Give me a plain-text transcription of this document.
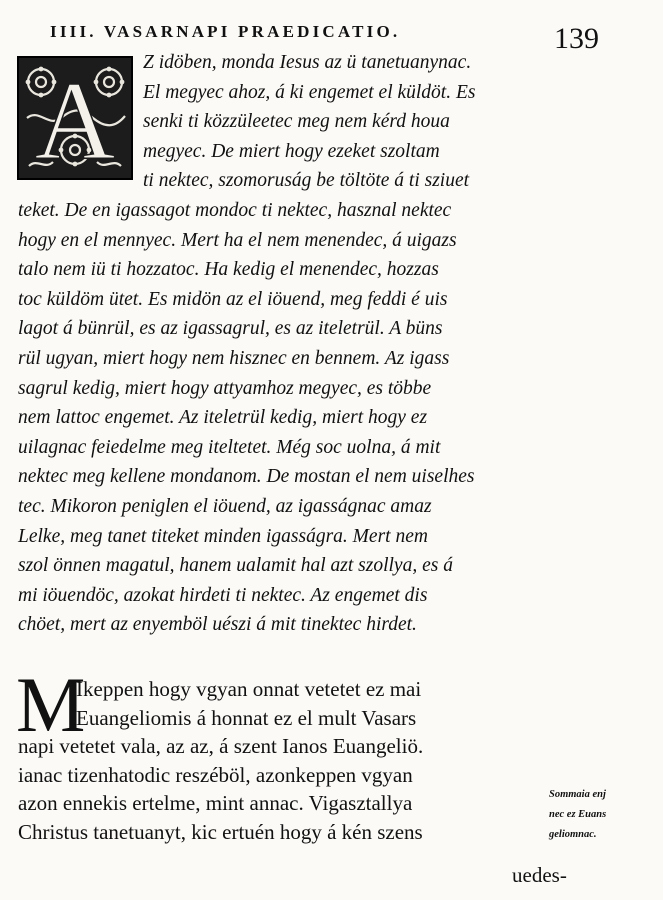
IIII. VASARNAPI PRAEDICATIO.	139
A Z idöben, monda Iesus az ü tanetuanynac.
El megyec ahoz, á ki engemet el küldöt. Es
senki ti közzüleetec meg nem kérd houa
megyec. De miert hogy ezeket szoltam
ti nektec, szomoruság be töltöte á ti sziuet
teket. De en igassagot mondoc ti nektec, hasznal nektec
hogy en el mennyec. Mert ha el nem menendec, á uigazs
talo nem iü ti hozzatoc. Ha kedig el menendec, hozzas
toc küldöm ütet. Es midön az el iöuend, meg feddi é uis
lagot á bünrül, es az igassagrul, es az iteletrül. A büns
rül ugyan, miert hogy nem hisznec en bennem. Az igass
sagrul kedig, miert hogy attyamhoz megyec, es többe
nem lattoc engemet. Az iteletrül kedig, miert hogy ez
uilagnac feiedelme meg iteltetet. Még soc uolna, á mit
nektec meg kellene mondanom. De mostan el nem uiselhes
tec. Mikoron peniglen el iöuend, az igasságnac amaz
Lelke, meg tanet titeket minden igasságra. Mert nem
szol önnen magatul, hanem ualamit hal azt szollya, es á
mi iöuendöc, azokat hirdeti ti nektec. Az engemet dis
chöet, mert az enyemböl uészi á mit tinektec hirdet.
M
Ikeppen hogy vgyan onnat vetetet ez mai
Euangeliomis á honnat ez el mult Vasars
napi vetetet vala, az az, á szent Ianos Euangeliö.
ianac tizenhatodic reszéböl, azonkeppen vgyan
azon ennekis ertelme, mint annac. Vigasztallya
Christus tanetuanyt, kic ertuén hogy á kén szens
Sommaia enj
nec ez Euans
geliomnac.
uedes-
